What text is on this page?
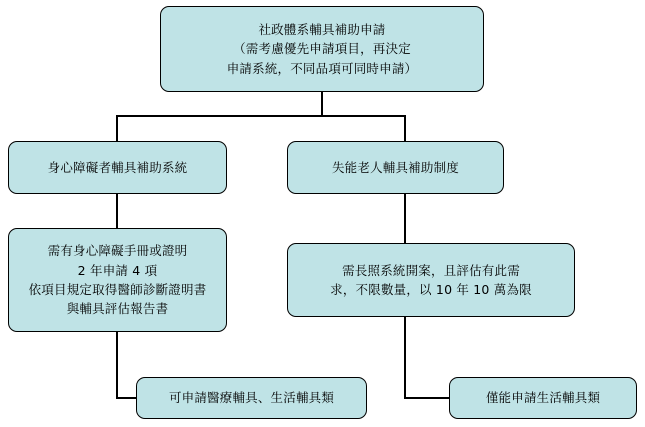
社政體系輔具補助申請
（需考慮優先申請項目，再決定
申請系統，不同品項可同時申請）
身心障礙者輔具補助系統	失能老人輔具補助制度
需有身心障礙手冊或證明
2 年申請 4 項
依項目規定取得醫師診斷證明書
與輔具評估報告書
需長照系統開案，且評估有此需
求，不限數量，以 10 年 10 萬為限
可申請醫療輔具、生活輔具類	僅能申請生活輔具類
